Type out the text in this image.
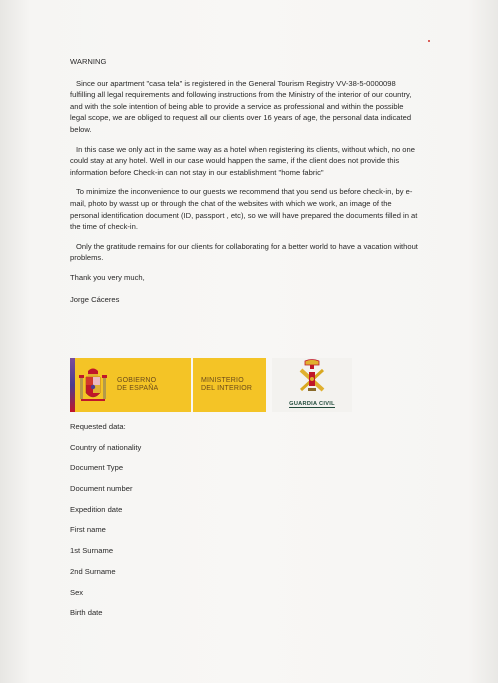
WARNING

Since our apartment "casa tela" is registered in the General Tourism Registry VV-38-5-0000098 fulfilling all legal requirements and following instructions from the Ministry of the interior of our country, and with the sole intention of being able to provide a service as professional and within the possible legal scope, we are obliged to request all our clients over 16 years of age, the personal data indicated below.

In this case we only act in the same way as a hotel when registering its clients, without which, no one could stay at any hotel. Well in our case would happen the same, if the client does not provide this information before Check-in can not stay in our establishment "home fabric"

To minimize the inconvenience to our guests we recommend that you send us before check-in, by e-mail, photo by wasst up or through the chat of the websites with which we work, an image of the personal identification document (ID, passport , etc), so we will have prepared the documents filled in at the time of check-in.

Only the gratitude remains for our clients for collaborating for a better world to have a vacation without problems.

Thank you very much,

Jorge Cáceres

GOBIERNO
DE ESPAÑA
MINISTERIO
DEL INTERIOR
GUARDIA CIVIL
Requested data:
Country of nationality
Document Type
Document number
Expedition date
First name
1st Surname
2nd Surname
Sex
Birth date
